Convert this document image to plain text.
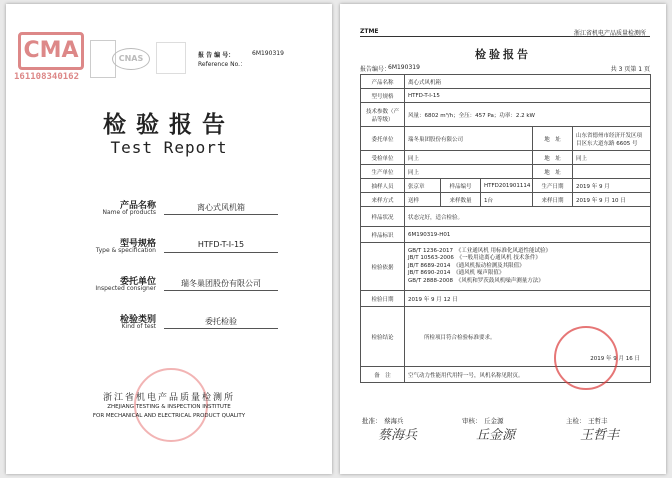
CMA
161108340162
CNAS	报 告 编 号：
Reference No.：
6M190319
检验报告
Test Report
产品名称
Name of products
离心式风机箱
型号规格
Type & specification
HTFD-T-I-15
委托单位
Inspected consigner
瑞冬巢团股份有限公司
检验类别
Kind of test
委托检验
浙江省机电产品质量检测所
ZHEJIANG TESTING & INSPECTION INSTITUTE
FOR MECHANICAL AND ELECTRICAL PRODUCT QUALITY
ZTME	浙江省机电产品质量检测所
检验报告
报告编号：
6M190319	共 3 页第 1 页
产品名称	离心式风机箱				
型号规格	HTFD-T-I-15				
技术参数（产品等级）	风量：6802 m³/h；全压：457 Pa；功率：2.2 kW				
委托单位	瑞冬巢团股份有限公司			地　址	山东省德州市经济开发区项目区东大道东路 6605 号
受检单位	同上			地　址	同上
生产单位	同上			地　址	
抽样人员	张京章	样品编号	HTFD201901114	生产日期	2019 年 9 月
来样方式	送样	来样数量	1台	来样日期	2019 年 9 月 10 日
样品状况	状态完好，适合检验。				
样品标识	6M190319-H01				
检验依据	GB/T 1236-2017　《工业通风机 用标准化风道性能试验》
JB/T 10563-2006　《一般用途离心通风机 技术条件》
JB/T 8689-2014　《通风机振动检测及其限值》
JB/T 8690-2014　《通风机 噪声限值》
GB/T 2888-2008　《风机和罗茨鼓风机噪声测量方法》				

检验日期	2019 年 9 月 12 日				
检验结论	所检项目符合检验标准要求。
2019 年 9 月 16 日				

备　注	空气动力性能用代用特一号，风机名称见附页。				
批准： 蔡海兵
蔡海兵
审核： 丘金源
丘金源
主检： 王哲丰
王哲丰
